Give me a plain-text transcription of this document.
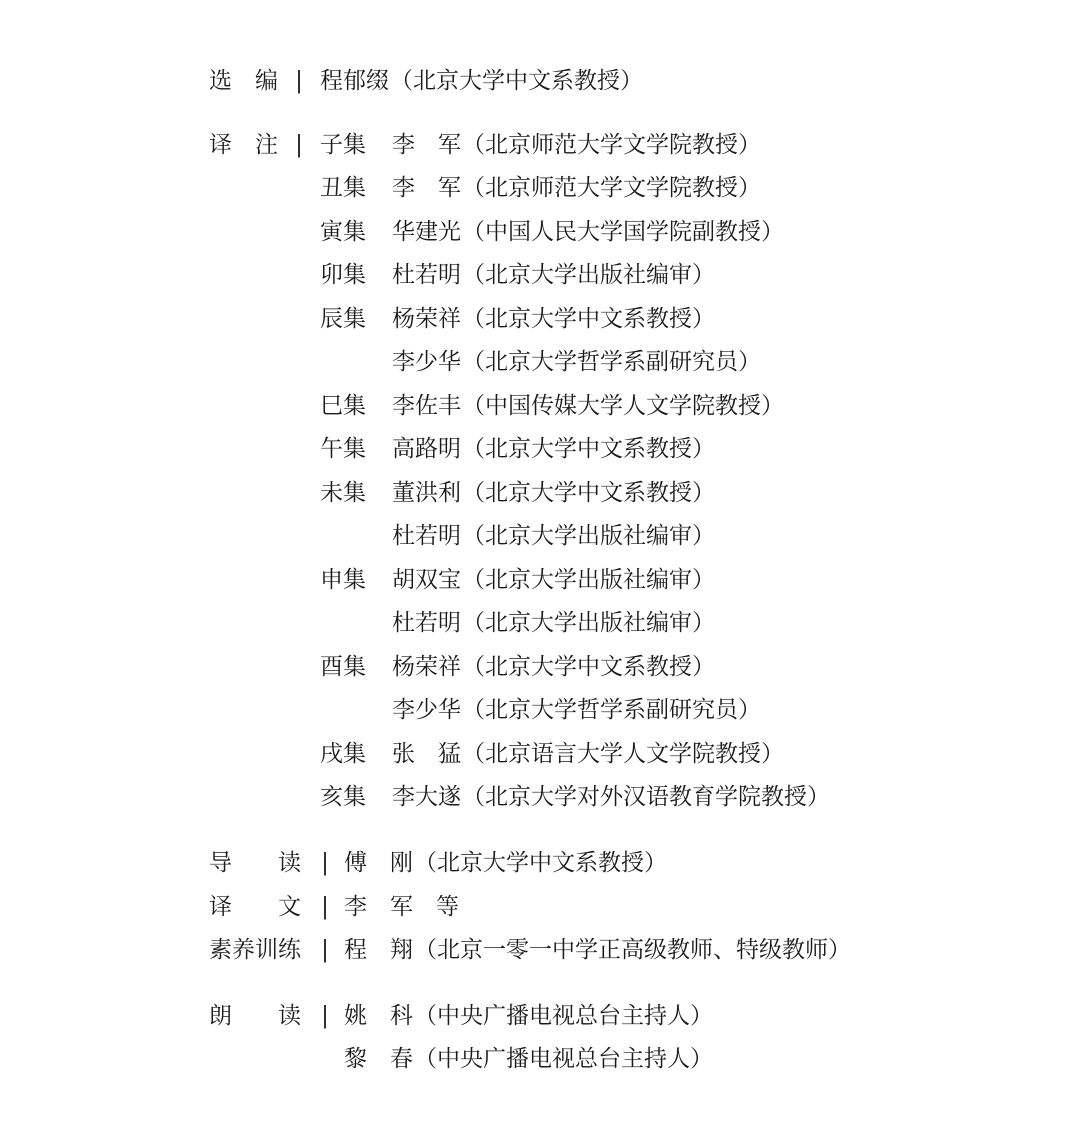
选　编 | 程郁缀 （北京大学中文系教授）
译　注 | 子集 李　军 （北京师范大学文学院教授）
丑集 李　军 （北京师范大学文学院教授）
寅集 华建光 （中国人民大学国学院副教授）
卯集 杜若明 （北京大学出版社编审）
辰集 杨荣祥 （北京大学中文系教授）
李少华 （北京大学哲学系副研究员）
巳集 李佐丰 （中国传媒大学人文学院教授）
午集 高路明 （北京大学中文系教授）
未集 董洪利 （北京大学中文系教授）
杜若明 （北京大学出版社编审）
申集 胡双宝 （北京大学出版社编审）
杜若明 （北京大学出版社编审）
酉集 杨荣祥 （北京大学中文系教授）
李少华 （北京大学哲学系副研究员）
戌集 张　猛 （北京语言大学人文学院教授）
亥集 李大遂 （北京大学对外汉语教育学院教授）
导　　读 | 傅　刚 （北京大学中文系教授）
译　　文 | 李　军　等
素养训练 | 程　翔 （北京一零一中学正高级教师、特级教师）
朗　　读 | 姚　科 （中央广播电视总台主持人）
黎　春 （中央广播电视总台主持人）
